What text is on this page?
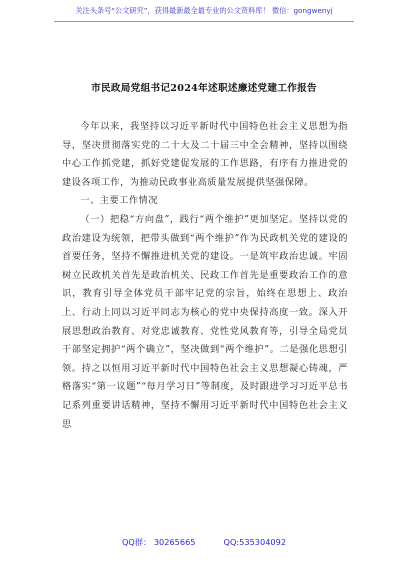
关注头条号“公文研究”，获得最新最全最专业的公文资料库！ 微信：gongwenyj
市民政局党组书记2024年述职述廉述党建工作报告

今年以来，我坚持以习近平新时代中国特色社会主义思想为指导，坚决贯彻落实党的二十大及二十届三中全会精神，坚持以围绕中心工作抓党建，抓好党建促发展的工作思路，有序有力推进党的建设各项工作，为推动民政事业高质量发展提供坚强保障。

一、主要工作情况

（一）把稳“方向盘”，践行“两个维护”更加坚定。坚持以党的政治建设为统领，把带头做到“两个维护”作为民政机关党的建设的首要任务，坚持不懈推进机关党的建设。一是筑牢政治忠诚。牢固树立民政机关首先是政治机关、民政工作首先是重要政治工作的意识，教育引导全体党员干部牢记党的宗旨，始终在思想上、政治上、行动上同以习近平同志为核心的党中央保持高度一致。深入开展思想政治教育、对党忠诚教育、党性党风教育等，引导全局党员干部坚定拥护“两个确立”，坚决做到“两个维护”。二是强化思想引领。持之以恒用习近平新时代中国特色社会主义思想凝心铸魂，严格落实“第一议题”“每月学习日”等制度，及时跟进学习习近平总书记系列重要讲话精神，坚持不懈用习近平新时代中国特色社会主义思

QQ群： 30265665	QQ:535304092
